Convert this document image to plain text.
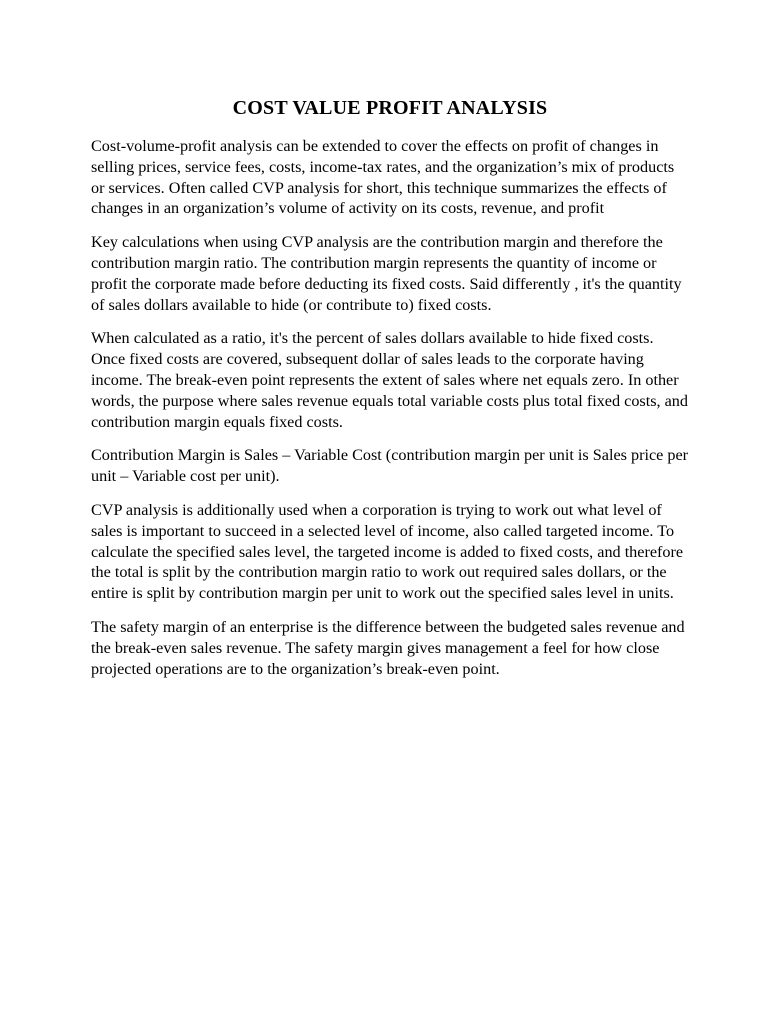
COST VALUE PROFIT ANALYSIS

Cost-volume-profit analysis can be extended to cover the effects on profit of changes in selling prices, service fees, costs, income-tax rates, and the organization’s mix of products or services. Often called CVP analysis for short, this technique summarizes the effects of changes in an organization’s volume of activity on its costs, revenue, and profit

Key calculations when using CVP analysis are the contribution margin and therefore the contribution margin ratio. The contribution margin represents the quantity of income or profit the corporate made before deducting its fixed costs. Said differently , it's the quantity of sales dollars available to hide (or contribute to) fixed costs.

When calculated as a ratio, it's the percent of sales dollars available to hide fixed costs. Once fixed costs are covered, subsequent dollar of sales leads to the corporate having income. The break-even point represents the extent of sales where net equals zero. In other words, the purpose where sales revenue equals total variable costs plus total fixed costs, and contribution margin equals fixed costs.

Contribution Margin is Sales – Variable Cost (contribution margin per unit is Sales price per unit – Variable cost per unit).

CVP analysis is additionally used when a corporation is trying to work out what level of sales is important to succeed in a selected level of income, also called targeted income. To calculate the specified sales level, the targeted income is added to fixed costs, and therefore the total is split by the contribution margin ratio to work out required sales dollars, or the entire is split by contribution margin per unit to work out the specified sales level in units.

The safety margin of an enterprise is the difference between the budgeted sales revenue and the break-even sales revenue. The safety margin gives management a feel for how close projected operations are to the organization’s break-even point.
